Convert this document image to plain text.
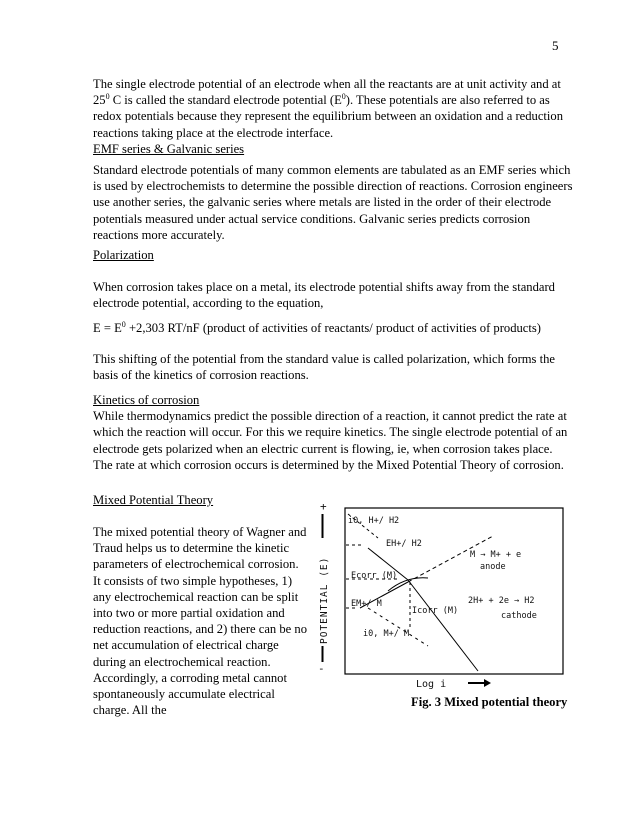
5

The single electrode potential of an electrode when all the reactants are at unit activity and at $25^0$ C is called the standard electrode potential $(E^0)$. These potentials are also referred to as redox potentials because they represent the equilibrium between an oxidation and a reduction reactions taking place at the electrode interface.
EMF series & Galvanic series

Standard electrode potentials of many common elements are tabulated as an EMF series which is used by electrochemists to determine the possible direction of reactions. Corrosion engineers use another series, the galvanic series where metals are listed in the order of their electrode potentials measured under actual service conditions. Galvanic series predicts corrosion reactions more accurately.

Polarization

When corrosion takes place on a metal, its electrode potential shifts away from the standard electrode potential, according to the equation,

$E = E^0 +2,303$ RT/nF (product of activities of reactants/ product of activities of products)

This shifting of the potential from the standard value is called polarization, which forms the basis of the kinetics of corrosion reactions.

Kinetics of corrosion
While thermodynamics predict the possible direction of a reaction, it cannot predict the rate at which the reaction will occur. For this we require kinetics. The single electrode potential of an electrode gets polarized when an electric current is flowing, ie, when corrosion takes place. The rate at which corrosion occurs is determined by the Mixed Potential Theory of corrosion.

Mixed Potential Theory

The mixed potential theory of Wagner and Traud helps us to determine the kinetic parameters of electrochemical corrosion. It consists of two simple hypotheses, 1) any electrochemical reaction can be split into two or more partial oxidation and reduction reactions, and 2) there can be no net accumulation of electrical charge during an electrochemical reaction. Accordingly, a corroding metal cannot spontaneously accumulate electrical charge. All the

+
-
POTENTIAL (E)
i0, H+/ H2
EH+/ H2
Ecorr (M)
EM+/ M
i0, M+/ M
Icorr (M)
M → M+ + e
anode
2H+ + 2e → H2
cathode
Log i
Fig. 3 Mixed potential theory
